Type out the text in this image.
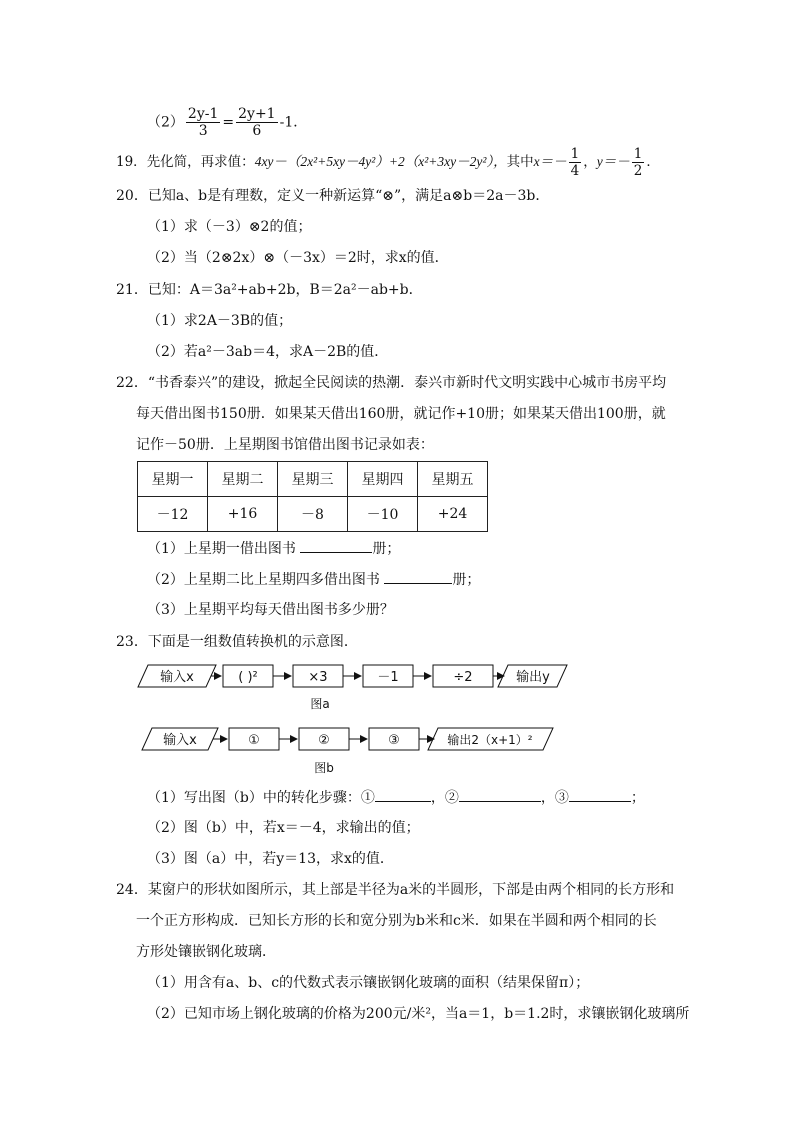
$(2) \frac{2y-1}{3} = \frac{2y+1}{6} -1$．
19．先化简，再求值：4xy－（2x²+5xy－4y²）+2（x²+3xy－2y²），其中$x=- \frac{1}{4}$ ，$y=- \frac{1}{2}$ ．
20．已知a、b是有理数，定义一种新运算“⊗”，满足a⊗b＝2a－3b．
（1）求（－3）⊗2的值；
（2）当（2⊗2x）⊗（－3x）＝2时，求x的值．
21．已知：A＝3a²+ab+2b，B＝2a²－ab+b．
（1）求2A－3B的值；
（2）若a²－3ab＝4，求A－2B的值．
22．“书香泰兴”的建设，掀起全民阅读的热潮．泰兴市新时代文明实践中心城市书房平均
每天借出图书150册．如果某天借出160册，就记作+10册；如果某天借出100册，就
记作－50册．上星期图书馆借出图书记录如表：
星期一	星期二	星期三	星期四	星期五
－12	+16	－8	－10	+24
（1）上星期一借出图书	册；
（2）上星期二比上星期四多借出图书	册；
（3）上星期平均每天借出图书多少册？
23．下面是一组数值转换机的示意图．
输入x	( )²	×3	－1	÷2	输出y
图a
输入x	①	②	③	输出2（x+1）²
图b
（1）写出图（b）中的转化步骤：①	，②	，③	；
（2）图（b）中，若x＝－4，求输出的值；
（3）图（a）中，若y＝13，求x的值．
24．某窗户的形状如图所示，其上部是半径为a米的半圆形，下部是由两个相同的长方形和
一个正方形构成．已知长方形的长和宽分别为b米和c米．如果在半圆和两个相同的长
方形处镶嵌钢化玻璃．
（1）用含有a、b、c的代数式表示镶嵌钢化玻璃的面积（结果保留π）；
（2）已知市场上钢化玻璃的价格为200元/米²，当a＝1，b＝1.2时，求镶嵌钢化玻璃所
